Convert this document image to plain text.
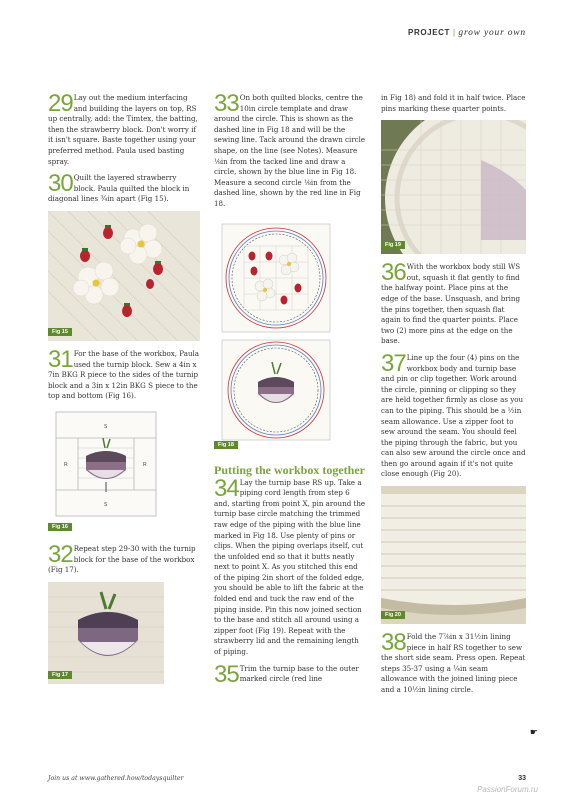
PROJECT | grow your own

29 Lay out the medium interfacing and building the layers on top, RS up centrally, add: the Timtex, the batting, then the strawberry block. Don't worry if it isn't square. Baste together using your preferred method. Paula used basting spray.

30 Quilt the layered strawberry block. Paula quilted the block in diagonal lines ¾in apart (Fig 15).

Fig 15

31 For the base of the workbox, Paula used the turnip block. Sew a 4in x 7in BKG R piece to the sides of the turnip block and a 3in x 12in BKG S piece to the top and bottom (Fig 16).

S
S
R	R
Fig 16

32 Repeat step 29-30 with the turnip block for the base of the workbox (Fig 17).

Fig 17

33 On both quilted blocks, centre the 10in circle template and draw around the circle. This is shown as the dashed line in Fig 18 and will be the sewing line. Tack around the drawn circle shape, on the line (see Notes). Measure ⅛in from the tacked line and draw a circle, shown by the blue line in Fig 18. Measure a second circle ⅛in from the dashed line, shown by the red line in Fig 18.

Fig 18
Putting the workbox together

34 Lay the turnip base RS up. Take a piping cord length from step 6 and, starting from point X, pin around the turnip base circle matching the trimmed raw edge of the piping with the blue line marked in Fig 18. Use plenty of pins or clips. When the piping overlaps itself, cut the unfolded end so that it butts neatly next to point X. As you stitched this end of the piping 2in short of the folded edge, you should be able to lift the fabric at the folded end and tuck the raw end of the piping inside. Pin this now joined section to the base and stitch all around using a zipper foot (Fig 19). Repeat with the strawberry lid and the remaining length of piping.

35 Trim the turnip base to the outer marked circle (red line

in Fig 18) and fold it in half twice. Place pins marking these quarter points.

Fig 19

36 With the workbox body still WS out, squash it flat gently to find the halfway point. Place pins at the edge of the base. Unsquash, and bring the pins together, then squash flat again to find the quarter points. Place two (2) more pins at the edge on the base.

37 Line up the four (4) pins on the workbox body and turnip base and pin or clip together. Work around the circle, pinning or clipping so they are held together firmly as close as you can to the piping. This should be a ½in seam allowance. Use a zipper foot to sew around the seam. You should feel the piping through the fabric, but you can also sew around the circle once and then go around again if it's not quite close enough (Fig 20).

Fig 20

38 Fold the 7⅞in x 31½in lining piece in half RS together to sew the short side seam. Press open. Repeat steps 35-37 using a ¼in seam allowance with the joined lining piece and a 10½in lining circle.

☛
Join us at www.gathered.how/todaysquilter	33
PassionForum.ru
